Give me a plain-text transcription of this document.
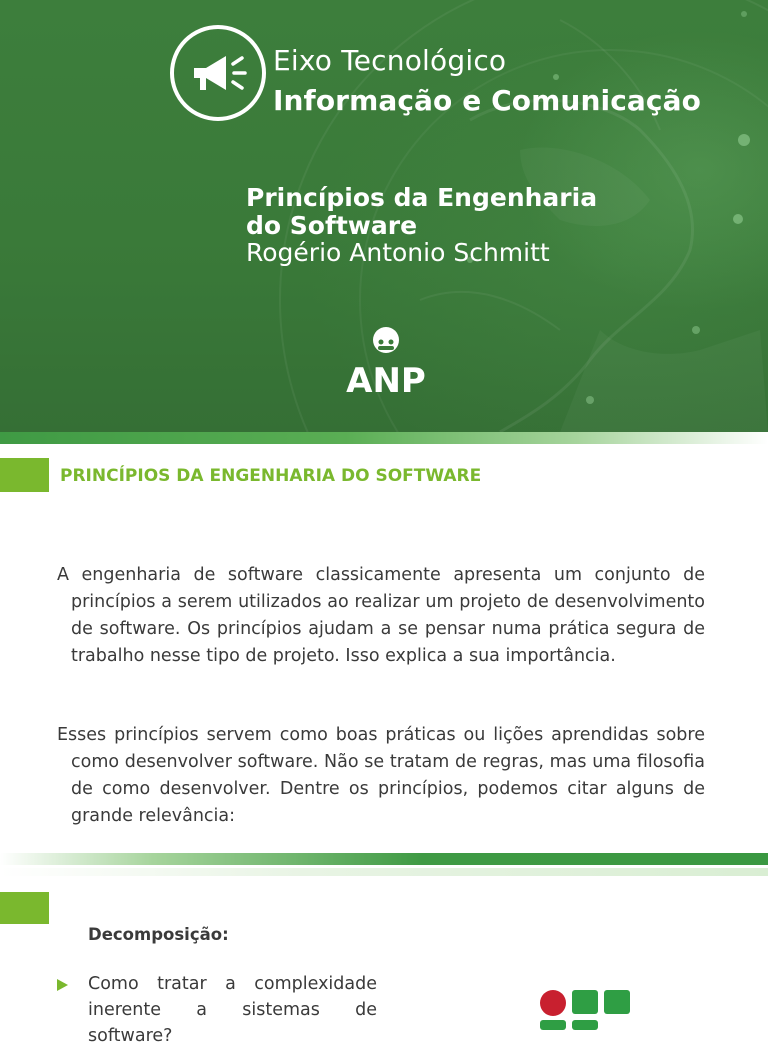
Eixo Tecnológico
Informação e Comunicação
Princípios da Engenharia do Software
Rogério Antonio Schmitt
ANP
PRINCÍPIOS DA ENGENHARIA DO SOFTWARE

A engenharia de software classicamente apresenta um conjunto de princípios a serem utilizados ao realizar um projeto de desenvolvimento de software. Os princípios ajudam a se pensar numa prática segura de trabalho nesse tipo de projeto. Isso explica a sua importância.

Esses princípios servem como boas práticas ou lições aprendidas sobre como desenvolver software. Não se tratam de regras, mas uma filosofia de como desenvolver. Dentre os princípios, podemos citar alguns de grande relevância:

Decomposição:
Como tratar a complexidade inerente a sistemas de software?
